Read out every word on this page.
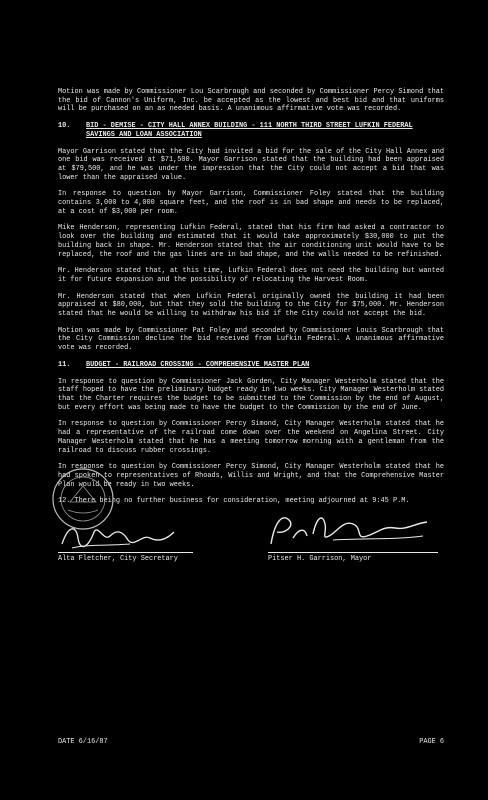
Motion was made by Commissioner Lou Scarbrough and seconded by Commissioner Percy Simond that the bid of Cannon's Uniform, Inc. be accepted as the lowest and best bid and that uniforms will be purchased on an as needed basis. A unanimous affirmative vote was recorded.

10.	BID - DEMISE - CITY HALL ANNEX BUILDING - 111 NORTH THIRD STREET LUFKIN FEDERAL SAVINGS AND LOAN ASSOCIATION

Mayor Garrison stated that the City had invited a bid for the sale of the City Hall Annex and one bid was received at $71,500. Mayor Garrison stated that the building had been appraised at $79,500, and he was under the impression that the City could not accept a bid that was lower than the appraised value.

In response to question by Mayor Garrison, Commissioner Foley stated that the building contains 3,000 to 4,000 square feet, and the roof is in bad shape and needs to be replaced, at a cost of $3,000 per room.

Mike Henderson, representing Lufkin Federal, stated that his firm had asked a contractor to look over the building and estimated that it would take approximately $30,000 to put the building back in shape. Mr. Henderson stated that the air conditioning unit would have to be replaced, the roof and the gas lines are in bad shape, and the walls needed to be refinished.

Mr. Henderson stated that, at this time, Lufkin Federal does not need the building but wanted it for future expansion and the possibility of relocating the Harvest Room.

Mr. Henderson stated that when Lufkin Federal originally owned the building it had been appraised at $80,000, but that they sold the building to the City for $75,000. Mr. Henderson stated that he would be willing to withdraw his bid if the City could not accept the bid.

Motion was made by Commissioner Pat Foley and seconded by Commissioner Louis Scarbrough that the City Commission decline the bid received from Lufkin Federal. A unanimous affirmative vote was recorded.

11.	BUDGET - RAILROAD CROSSING - COMPREHENSIVE MASTER PLAN

In response to question by Commissioner Jack Gorden, City Manager Westerholm stated that the staff hoped to have the preliminary budget ready in two weeks. City Manager Westerholm stated that the Charter requires the budget to be submitted to the Commission by the end of August, but every effort was being made to have the budget to the Commission by the end of June.

In response to question by Commissioner Percy Simond, City Manager Westerholm stated that he had a representative of the railroad come down over the weekend on Angelina Street. City Manager Westerholm stated that he has a meeting tomorrow morning with a gentleman from the railroad to discuss rubber crossings.

In response to question by Commissioner Percy Simond, City Manager Westerholm stated that he had spoken to representatives of Rhoads, Willis and Wright, and that the Comprehensive Master Plan would be ready in two weeks.

12. There being no further business for consideration, meeting adjourned at 9:45 P.M.

Alta Fletcher, City Secretary	Pitser H. Garrison, Mayor
DATE 6/16/87	PAGE 6
